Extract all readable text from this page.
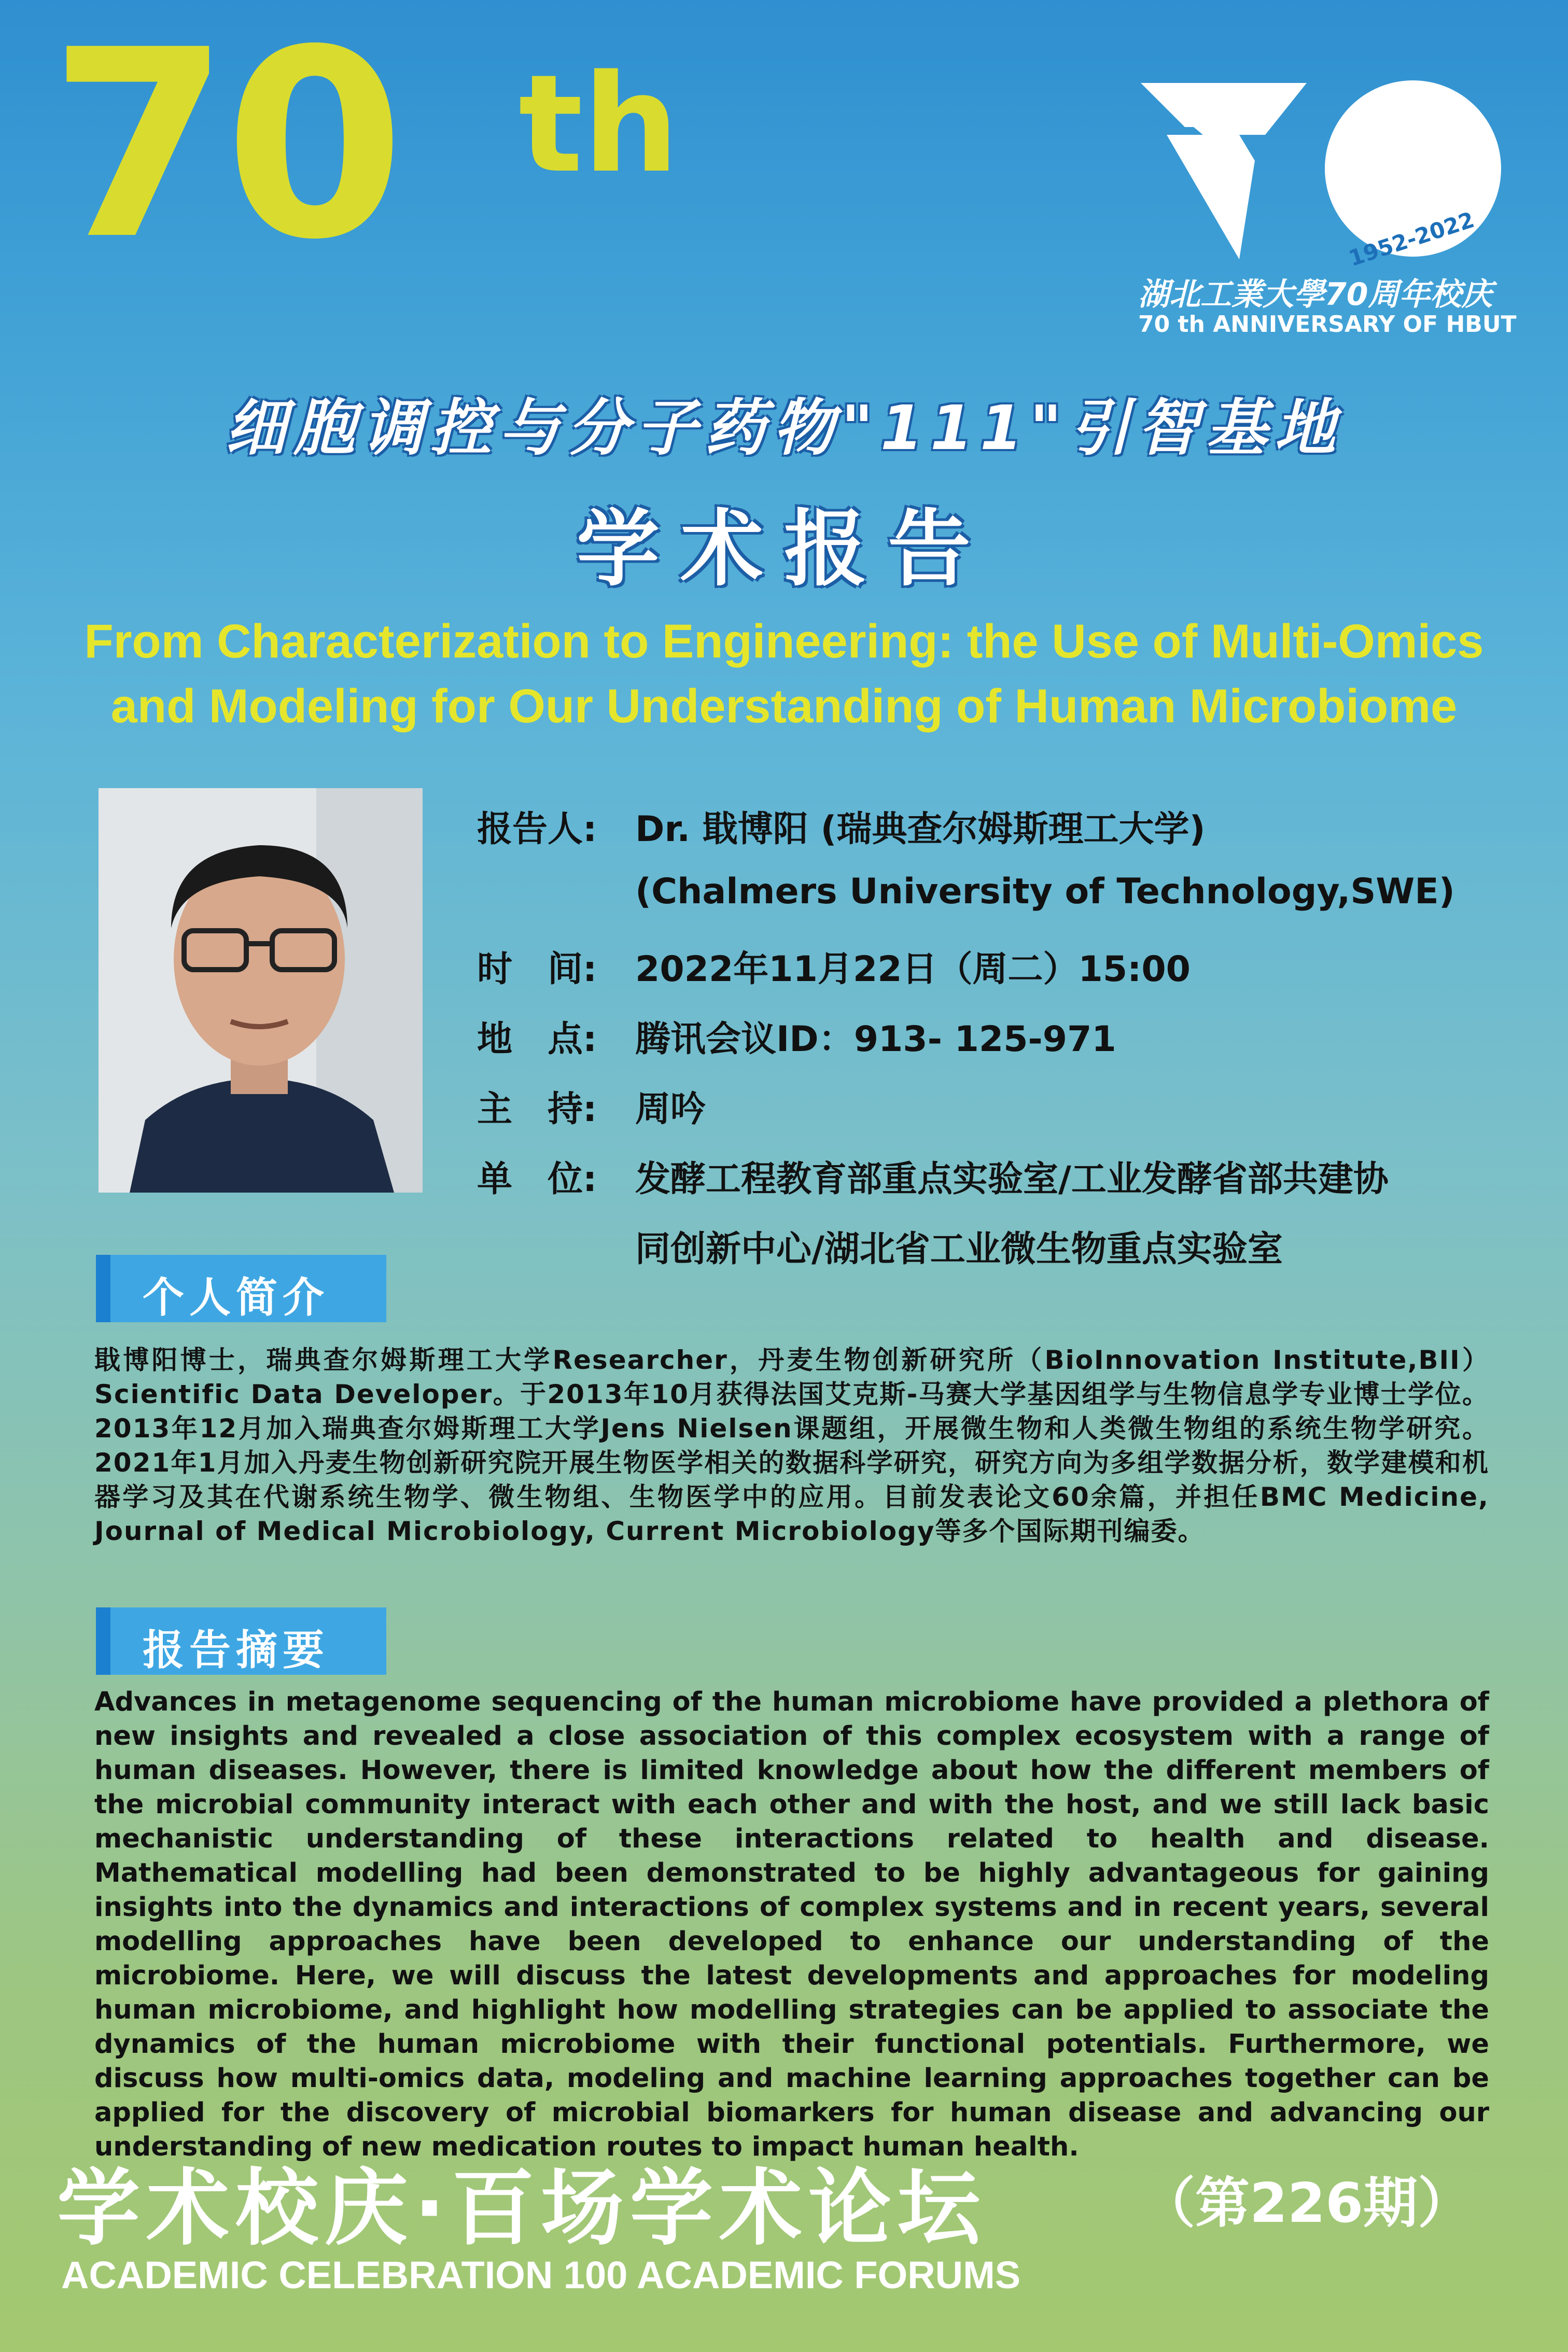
70 th
1952-2022
湖北工業大學70周年校庆
70 th ANNIVERSARY OF HBUT
细胞调控与分子药物"111"引智基地
学术报告
From Characterization to Engineering: the Use of Multi-Omics
and Modeling for Our Understanding of Human Microbiome
报告人: Dr. 戢博阳 (瑞典查尔姆斯理工大学)
(Chalmers University of Technology,SWE)
时　间: 2022年11月22日（周二）15:00
地　点: 腾讯会议ID：913- 125-971
主　持: 周吟
单　位: 发酵工程教育部重点实验室/工业发酵省部共建协
同创新中心/湖北省工业微生物重点实验室
个人简介
戢博阳博士，瑞典查尔姆斯理工大学Researcher，丹麦生物创新研究所（BioInnovation Institute,BII）Scientific Data Developer。于2013年10月获得法国艾克斯-马赛大学基因组学与生物信息学专业博士学位。2013年12月加入瑞典查尔姆斯理工大学Jens Nielsen课题组，开展微生物和人类微生物组的系统生物学研究。2021年1月加入丹麦生物创新研究院开展生物医学相关的数据科学研究，研究方向为多组学数据分析，数学建模和机器学习及其在代谢系统生物学、微生物组、生物医学中的应用。目前发表论文60余篇，并担任BMC Medicine, Journal of Medical Microbiology, Current Microbiology等多个国际期刊编委。
报告摘要
Advances in metagenome sequencing of the human microbiome have provided a plethora of new insights and revealed a close association of this complex ecosystem with a range of human diseases. However, there is limited knowledge about how the different members of the microbial community interact with each other and with the host, and we still lack basic mechanistic understanding of these interactions related to health and disease. Mathematical modelling had been demonstrated to be highly advantageous for gaining insights into the dynamics and interactions of complex systems and in recent years, several modelling approaches have been developed to enhance our understanding of the microbiome. Here, we will discuss the latest developments and approaches for modeling human microbiome, and highlight how modelling strategies can be applied to associate the dynamics of the human microbiome with their functional potentials. Furthermore, we discuss how multi-omics data, modeling and machine learning approaches together can be applied for the discovery of microbial biomarkers for human disease and advancing our understanding of new medication routes to impact human health.
学术校庆·百场学术论坛	（第226期）
ACADEMIC CELEBRATION 100 ACADEMIC FORUMS
